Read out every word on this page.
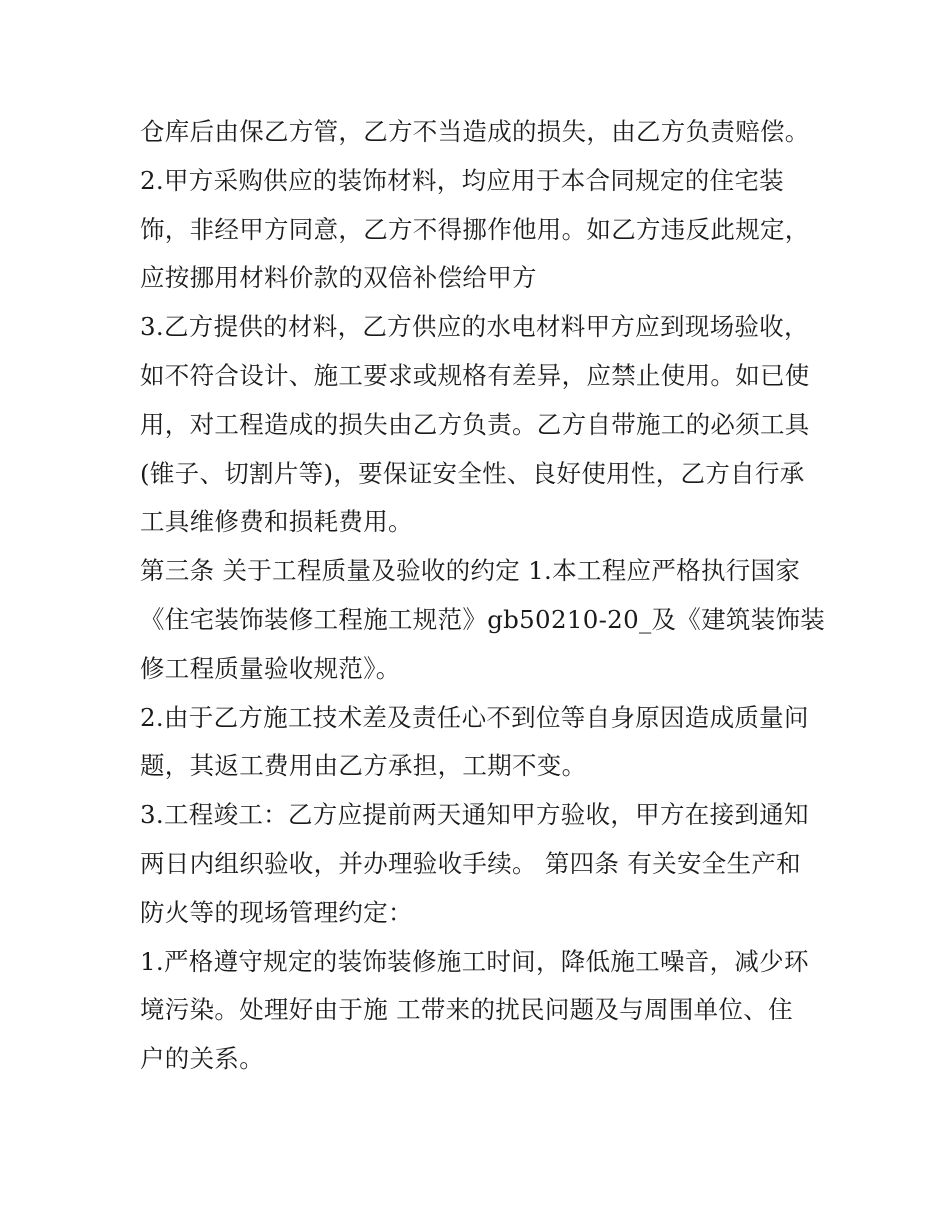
仓库后由保乙方管，乙方不当造成的损失，由乙方负责赔偿。
2.甲方采购供应的装饰材料，均应用于本合同规定的住宅装
饰，非经甲方同意，乙方不得挪作他用。如乙方违反此规定，
应按挪用材料价款的双倍补偿给甲方
3.乙方提供的材料，乙方供应的水电材料甲方应到现场验收，
如不符合设计、施工要求或规格有差异，应禁止使用。如已使
用，对工程造成的损失由乙方负责。乙方自带施工的必须工具
(锥子、切割片等)，要保证安全性、良好使用性，乙方自行承
工具维修费和损耗费用。
第三条 关于工程质量及验收的约定 1.本工程应严格执行国家
《住宅装饰装修工程施工规范》gb50210-20_及《建筑装饰装
修工程质量验收规范》。
2.由于乙方施工技术差及责任心不到位等自身原因造成质量问
题，其返工费用由乙方承担，工期不变。
3.工程竣工：乙方应提前两天通知甲方验收，甲方在接到通知
两日内组织验收，并办理验收手续。 第四条 有关安全生产和
防火等的现场管理约定：
1.严格遵守规定的装饰装修施工时间，降低施工噪音，减少环
境污染。处理好由于施 工带来的扰民问题及与周围单位、住
户的关系。
